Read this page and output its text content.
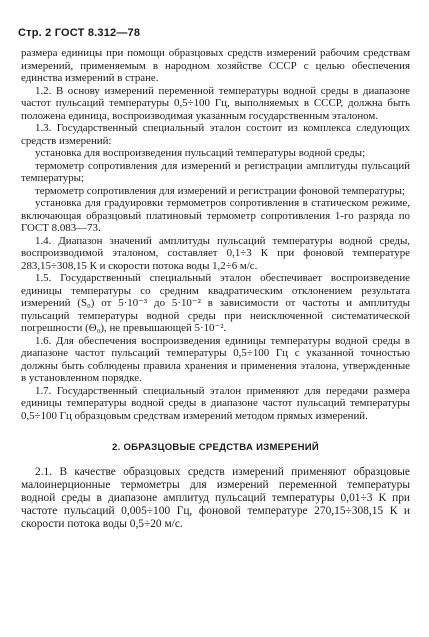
Стр. 2 ГОСТ 8.312—78

размера единицы при помощи образцовых средств измерений рабочим средствам измерений, применяемым в народном хозяйстве СССР с целью обеспечения единства измерений в стране.

1.2. В основу измерений переменной температуры водной среды в диапазоне частот пульсаций температуры 0,5÷100 Гц, выполняемых в СССР, должна быть положена единица, воспроизводимая указанным государственным эталоном.

1.3. Государственный специальный эталон состоит из комплекса следующих средств измерений:

установка для воспроизведения пульсаций температуры водной среды;

термометр сопротивления для измерений и регистрации амплитуды пульсаций температуры;

термометр сопротивления для измерений и регистрации фоновой температуры;

установка для градуировки термометров сопротивления в статическом режиме, включающая образцовый платиновый термометр сопротивления 1-го разряда по ГОСТ 8.083—73.

1.4. Диапазон значений амплитуды пульсаций температуры водной среды, воспроизводимой эталоном, составляет 0,1÷3 К при фоновой температуре 283,15÷308,15 К и скорости потока воды 1,2÷6 м/с.

1.5. Государственный специальный эталон обеспечивает воспроизведение единицы температуры со средним квадратическим отклонением результата измерений (S₀) от 5·10⁻³ до 5·10⁻² в зависимости от частоты и амплитуды пульсаций температуры водной среды при неисключенной систематической погрешности (Θ₀), не превышающей 5·10⁻².

1.6. Для обеспечения воспроизведения единицы температуры водной среды в диапазоне частот пульсаций температуры 0,5÷100 Гц с указанной точностью должны быть соблюдены правила хранения и применения эталона, утвержденные в установленном порядке.

1.7. Государственный специальный эталон применяют для передачи размера единицы температуры водной среды в диапазоне частот пульсаций температуры 0,5÷100 Гц образцовым средствам измерений методом прямых измерений.

2. ОБРАЗЦОВЫЕ СРЕДСТВА ИЗМЕРЕНИЙ

2.1. В качестве образцовых средств измерений применяют образцовые малоинерционные термометры для измерений переменной температуры водной среды в диапазоне амплитуд пульсаций температуры 0,01÷3 К при частоте пульсаций 0,005÷100 Гц, фоновой температуре 270,15÷308,15 К и скорости потока воды 0,5÷20 м/с.
